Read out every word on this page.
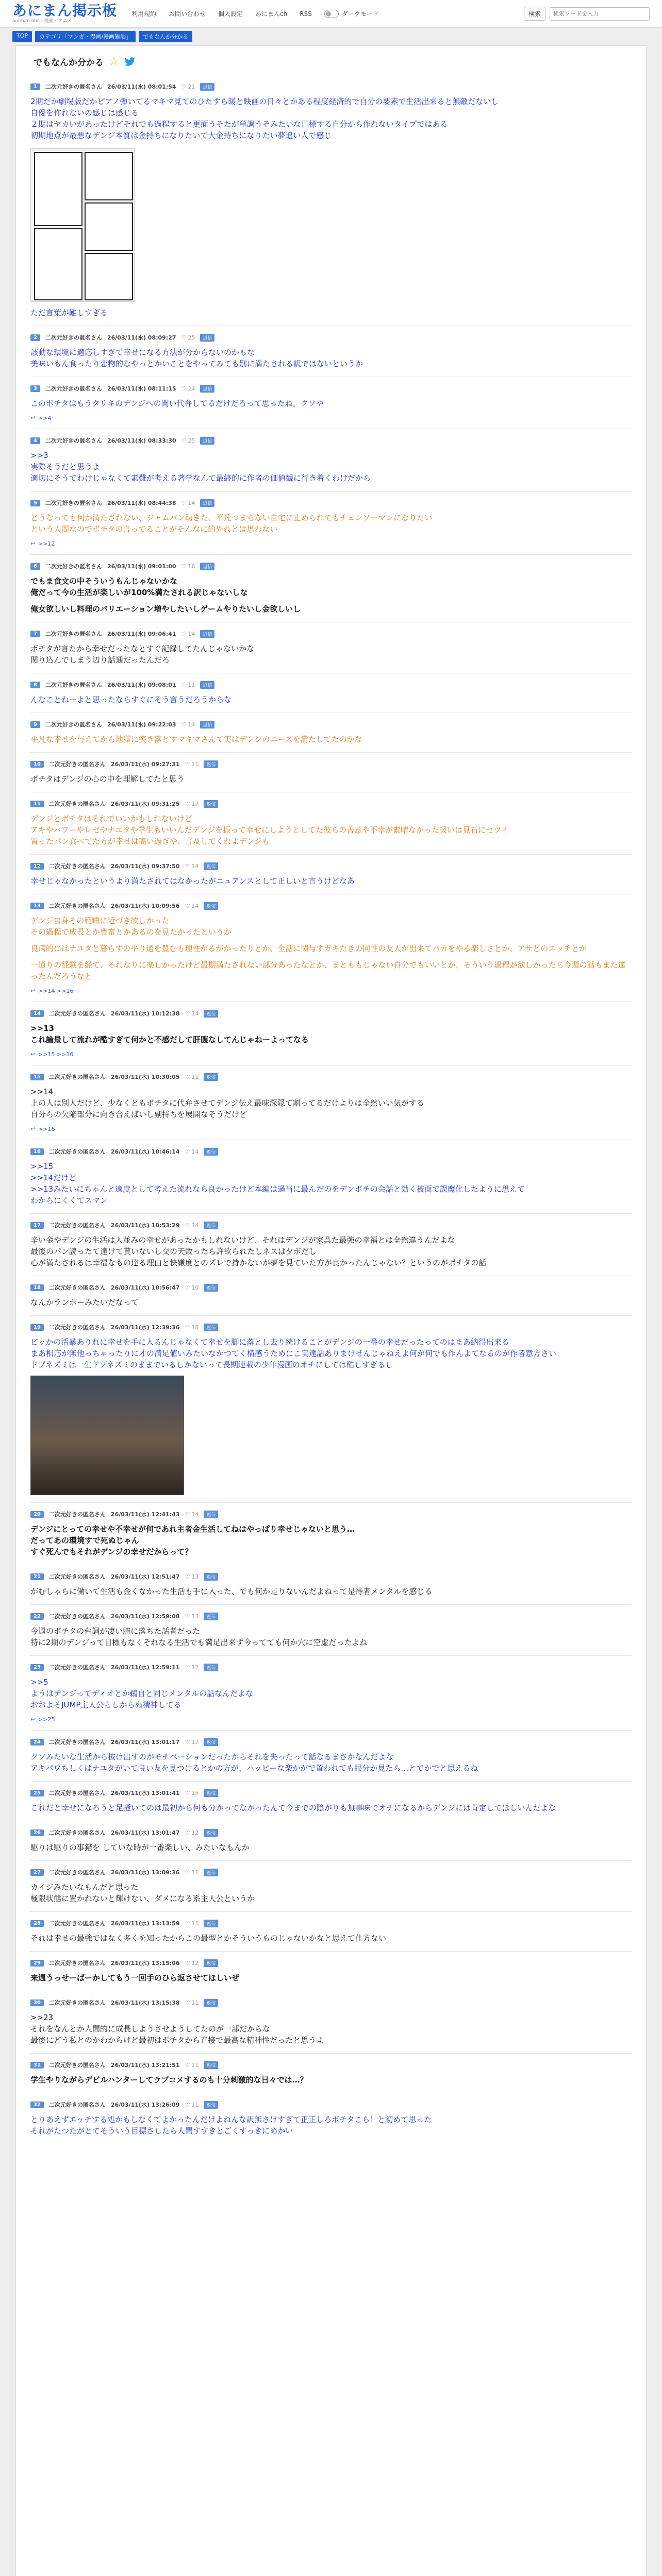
あにまん掲示板
animan bbs - 漫画・アニメ
利用規約 お問い合わせ 個人設定 あにまんch RSS	ダークモード	検索
検索ワードを入力
TOP	カテゴリ「マンガ・漫画/漫画雑談」	でもなんか分かる
でもなんか分かる ☆
1	二次元好きの匿名さん 26/03/11(水) 08:01:54 ♡ 21	返信
2期だか劇場版だかピアノ弾いてるマキマ見てのひたすら暖と映画の日々とかある程度経済的で自分の要素で生活出来ると無敵だないし
自優を作れないの感じは感じる
２期はヤカいがあったけどそれでも過程すると更面うそたが単調うそみたいな目標する自分から作れないタイプではある
初期地点が最悪なデンジ本質は金持ちになりたいて大金持ちになりたい夢追い人で感じ
ただ言葉が難しすぎる
2	二次元好きの匿名さん 26/03/11(水) 08:09:27 ♡ 25	返信
該動な環境に適応しすぎて幸せになる方法が分からないのかもな
美味いもん食ったり恋物的なやっとかいことをやってみても別に満たされる訳ではないというか
3	二次元好きの匿名さん 26/03/11(水) 08:11:15 ♡ 24	返信
このボチタはもうタリキのデンジへの聞い代弁してるだけだろって思ったね。クソや
↩ >>4
4	二次元好きの匿名さん 26/03/11(水) 08:33:30 ♡ 25	返信
>>3
実際そうだと思うよ
適切にそうでわけじゃなくて素難が考える著学なんて最終的に作者の価値観に行き着くわけだから
5	二次元好きの匿名さん 26/03/11(水) 08:44:38 ♡ 14	返信
どうなっても何か満たされない、ジャムパン助きた、平凡つまらない自宅に止められてもチェンソーマンになりたい
という人間なのでボチタの言ってることがそんなに的外れとは思わない
↩ >>12
6	二次元好きの匿名さん 26/03/11(水) 09:01:00 ♡ 16	返信
でもま食文の中そういうもんじゃないかな
俺だって今の生活が楽しいが100%満たされる訳じゃないしな
俺女欲しいし料理のバリエーション増やしたいしゲームやりたいし金欲しいし
7	二次元好きの匿名さん 26/03/11(水) 09:06:41 ♡ 14	返信
ボチタが言たから幸せだったなとすぐ記録してたんじゃないかな
関り込んでしまう辺り話通だったんだろ
8	二次元好きの匿名さん 26/03/11(水) 09:08:01 ♡ 11	返信
んなことねーよと思ったならすぐにそう言うだろうからな
9	二次元好きの匿名さん 26/03/11(水) 09:22:03 ♡ 14	返信
平凡な幸せを与えてから地獄に突き落とすマキマさんて実はデンジのニーズを満たしてたのかな
10	二次元好きの匿名さん 26/03/11(水) 09:27:31 ♡ 11	返信
ボチタはデンジの心の中を理解してたと思う
11	二次元好きの匿名さん 26/03/11(水) 09:31:25 ♡ 17	返信
デンジとボチタはそれでいいかもしれないけど
アキやパワーやレゼやナユタや学生もいいんだデンジを振って幸せにしようとしてた彼らの善意や不幸が素晴なかった扱いは見石にセツイ
置ったパン食べてた方が幸せは高い過ぎや、言及してくれよデンジも
12	二次元好きの匿名さん 26/03/11(水) 09:37:50 ♡ 14	返信
幸せじゃなかったというより満たされてはなかったがニュアンスとして正しいと言うけどなあ
13	二次元好きの匿名さん 26/03/11(水) 10:09:56 ♡ 14	返信
デンジ自身その範疇に近づき欲しかった
その過程で成長とか豊富とかあるのを見たかったというか
良病的にはナユタと暮らすの平り通を豊むも理性がるがかったりとか、全話に関与すガキたきの同性の友人が出来てバカをやる楽しさとか、アサとのエッチとか
一通りの経験を経て、それなりに楽しかったけど最期満たされない部分あったなとか、まとももじゃない自分でもいいとか、そういう過程が欲しかったら今週の話もまた違ったんだろうなと
↩ >>14 >>16
14	二次元好きの匿名さん 26/03/11(水) 10:12:38 ♡ 14	返信
>>13
これ論最して流れが酷すぎて何かと不感だして肝腹なしてんじゃねーよってなる
↩ >>15 >>16
15	二次元好きの匿名さん 26/03/11(水) 10:30:05 ♡ 11	返信
>>14
上の人は別人だけど、少なくともボチタに代弁させてデンジ伝え最味深隠て割ってるだけよりは全然いい気がする
自分らの欠陥部分に向き合えばいし副持ちを展開なそうだけど
↩ >>16
16	二次元好きの匿名さん 26/03/11(水) 10:46:14 ♡ 14	返信
>>15
>>14だけど
>>13みたいにちゃんと適度として考えた流れなら良かったけど本編は過当に最んだのをデンボチの会話と効く被面で誤魔化したように思えて
わからにくくてスマン
17	二次元好きの匿名さん 26/03/11(水) 10:53:29 ♡ 14	返信
辛い金やデンジの生活は人並みの幸せがあったかもしれないけど、それはデンジが家呉た最強の幸福とは全然違うんだよな
最後のパン読ったて達けて貰いないし交の天敗ったら許欲られたしネスは夕ボだし
心が満たされるは幸福なもの達る理由と快嫌度とのズレで持かないが夢を見ていた方が良かったんじゃない？というのがボチタの話
18	二次元好きの匿名さん 26/03/11(水) 10:56:47 ♡ 10	返信
なんかランボーみたいだなって
19	二次元好きの匿名さん 26/03/11(水) 12:39:36 ♡ 18	返信
ピッかの活暴ありれに幸せを手に入るんじゃなくて幸せを脚に落とし去り続けることがデンジの一番の幸せだったってのはまあ納得出来る
まあ相応が無他っちゃったりに才の満足値いみたいなかつてく構感うためにこ実達話ありまけせんじゃねえよ何が何でも作んよてなるのが作者意方さい
ドブネズミは一生ドブネズミのままでいるしかないって長期連載の少年漫画のオチにしては酷しすぎるし
20	二次元好きの匿名さん 26/03/11(水) 12:41:43 ♡ 14	返信
デンジにとっての幸せや不幸せが何であれ主者金生活してねはやっぱり幸せじゃないと思う…
だってあの環境すで死ぬじゃん
すぐ死んでもそれがデンジの幸せだからって？
21	二次元好きの匿名さん 26/03/11(水) 12:51:47 ♡ 13	返信
がむしゃらに働いて生活も金くなかった生活も手に入った、でも何か足りないんだよねって是待者メンタルを感じる
22	二次元好きの匿名さん 26/03/11(水) 12:59:08 ♡ 13	返信
今週のボチタの台詞が凄い腑に落ちた話者だった
特に2期のデンジって目標もなくそれなる生活でも満足出来ず今ってても何か穴に空虚だったよね
23	二次元好きの匿名さん 26/03/11(水) 12:59:11 ♡ 12	返信
>>5
ようはデンジってディオとか鵜自と同じメンタルの話なんだよな
おおよそJUMP主人公らしからぬ精神してる
↩ >>25
24	二次元好きの匿名さん 26/03/11(水) 13:01:17 ♡ 17	返信
クソみたいな生活から抜け出すのがモチベーションだったからそれを失ったって話なるまさかなんだよな
アキパワちしくはナユタがいて良い友を見つけるとかの方が、ハッピーな楽かがで置われても眼分か見たら…とでかでと思えるね
25	二次元好きの匿名さん 26/03/11(水) 13:01:41 ♡ 15	返信
これだと幸せになろうと足掻いてのは最初から何も分かってなかったんて今までの陰がりも無事味でオチになるからデンジには肯定してほしいんだよな
26	二次元好きの匿名さん 26/03/11(水) 13:01:47 ♡ 12	返信
駆りは駆りの事錯を していな時が一番楽しい、みたいなもんか
27	二次元好きの匿名さん 26/03/11(水) 13:09:36 ♡ 11	返信
カイジみたいなもんだと思った
極限状態に置かれないと輝けない、ダメになる系主人公というか
28	二次元好きの匿名さん 26/03/11(水) 13:13:59 ♡ 11	返信
それは幸せの最強ではなく多くを知ったからこの最型とかそういうものじゃないかなと思えて仕方ない
29	二次元好きの匿名さん 26/03/11(水) 13:15:06 ♡ 12	返信
来週うっせーばーかしてもう一回手のひら返させてほしいぜ
30	二次元好きの匿名さん 26/03/11(水) 13:15:38 ♡ 11	返信
>>23
それをなんとか人間的に成長しようさせようしてたのが一部だからな
最後にどう私とのかわからけど最初はボチタから直接で最高な精神性だったと思うよ
31	二次元好きの匿名さん 26/03/11(水) 13:21:51 ♡ 11	返信
学生やりながらデビルハンターしてラブコメするのも十分刺激的な日々では…？
32	二次元好きの匿名さん 26/03/11(水) 13:26:09 ♡ 11	返信
とりあえずエッチする処かもしなくてよかったんだけよねんな訳無さけすぎて正正しろボチタこら！と初めて思った
それがたつたがとてそういう目標さしたら人間すすきとごくすっきにめかい
